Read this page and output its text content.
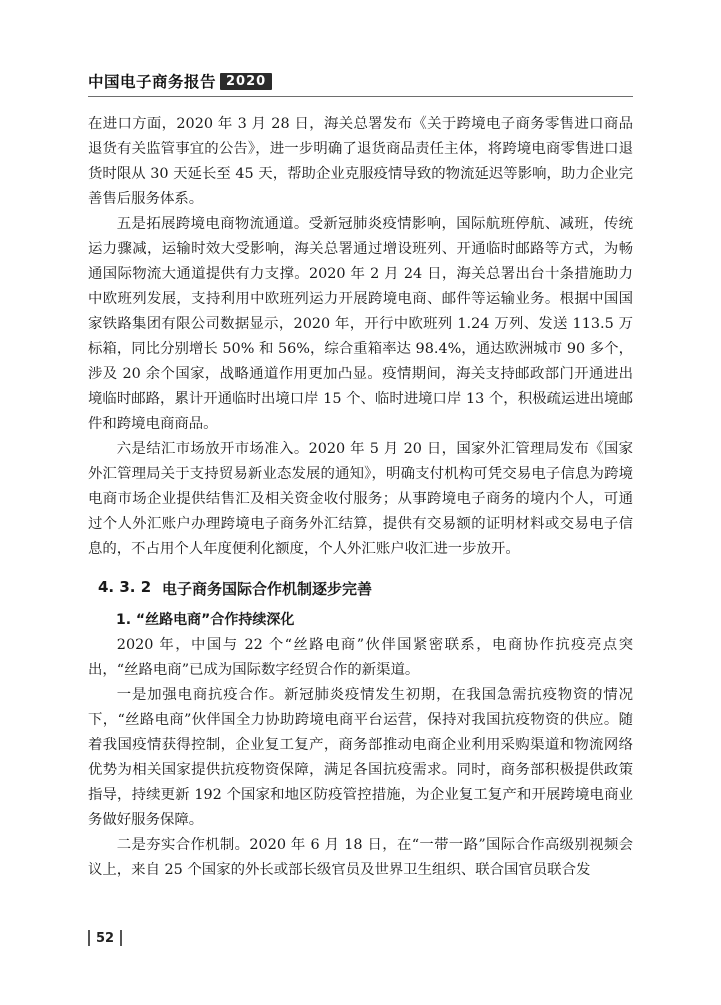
中国电子商务报告 2020

在进口方面，2020 年 3 月 28 日，海关总署发布《关于跨境电子商务零售进口商品退货有关监管事宜的公告》，进一步明确了退货商品责任主体，将跨境电商零售进口退货时限从 30 天延长至 45 天，帮助企业克服疫情导致的物流延迟等影响，助力企业完善售后服务体系。

五是拓展跨境电商物流通道。受新冠肺炎疫情影响，国际航班停航、减班，传统运力骤减，运输时效大受影响，海关总署通过增设班列、开通临时邮路等方式，为畅通国际物流大通道提供有力支撑。2020 年 2 月 24 日，海关总署出台十条措施助力中欧班列发展，支持利用中欧班列运力开展跨境电商、邮件等运输业务。根据中国国家铁路集团有限公司数据显示，2020 年，开行中欧班列 1.24 万列、发送 113.5 万标箱，同比分别增长 50% 和 56%，综合重箱率达 98.4%，通达欧洲城市 90 多个，涉及 20 余个国家，战略通道作用更加凸显。疫情期间，海关支持邮政部门开通进出境临时邮路，累计开通临时出境口岸 15 个、临时进境口岸 13 个，积极疏运进出境邮件和跨境电商商品。

六是结汇市场放开市场准入。2020 年 5 月 20 日，国家外汇管理局发布《国家外汇管理局关于支持贸易新业态发展的通知》，明确支付机构可凭交易电子信息为跨境电商市场企业提供结售汇及相关资金收付服务；从事跨境电子商务的境内个人，可通过个人外汇账户办理跨境电子商务外汇结算，提供有交易额的证明材料或交易电子信息的，不占用个人年度便利化额度，个人外汇账户收汇进一步放开。

4. 3. 2 电子商务国际合作机制逐步完善
1. “丝路电商”合作持续深化

2020 年，中国与 22 个“丝路电商”伙伴国紧密联系，电商协作抗疫亮点突出，“丝路电商”已成为国际数字经贸合作的新渠道。

一是加强电商抗疫合作。新冠肺炎疫情发生初期，在我国急需抗疫物资的情况下，“丝路电商”伙伴国全力协助跨境电商平台运营，保持对我国抗疫物资的供应。随着我国疫情获得控制，企业复工复产，商务部推动电商企业利用采购渠道和物流网络优势为相关国家提供抗疫物资保障，满足各国抗疫需求。同时，商务部积极提供政策指导，持续更新 192 个国家和地区防疫管控措施，为企业复工复产和开展跨境电商业务做好服务保障。

二是夯实合作机制。2020 年 6 月 18 日，在“一带一路”国际合作高级别视频会议上，来自 25 个国家的外长或部长级官员及世界卫生组织、联合国官员联合发

52
